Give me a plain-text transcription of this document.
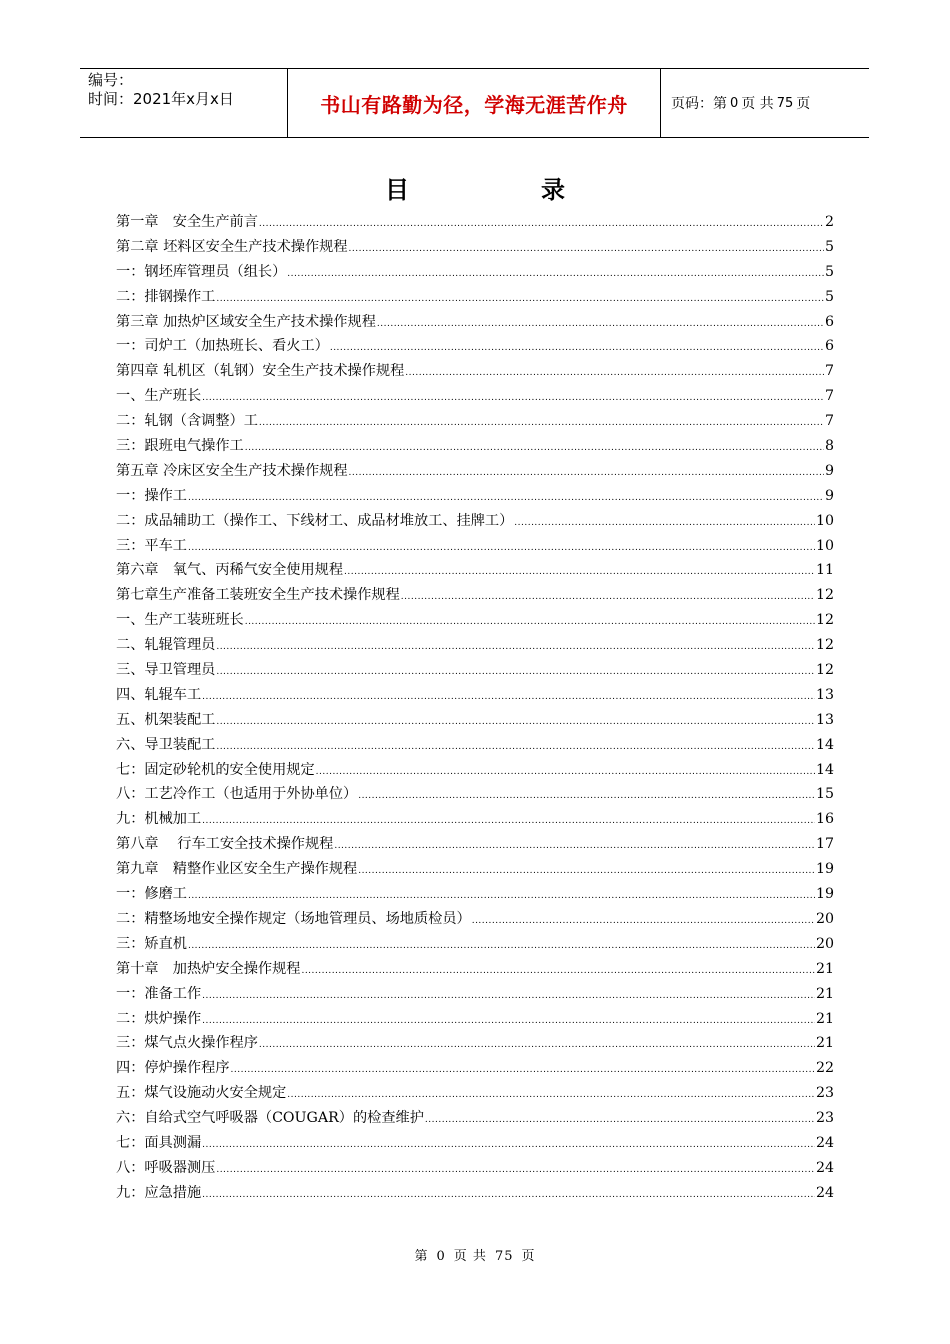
编号：
时间：2021年x月x日	书山有路勤为径，学海无涯苦作舟	页码：第 0 页 共 75 页
目	录
第一章　安全生产前言 .....	2
第二章 坯料区安全生产技术操作规程 .....	5
一：钢坯库管理员（组长） .....	5
二：排钢操作工 .....	5
第三章 加热炉区域安全生产技术操作规程 .....	6
一：司炉工（加热班长、看火工） .....	6
第四章 轧机区（轧钢）安全生产技术操作规程 .....	7
一、生产班长 .....	7
二：轧钢（含调整）工 .....	7
三：跟班电气操作工 .....	8
第五章 冷床区安全生产技术操作规程 .....	9
一：操作工 .....	9
二：成品辅助工（操作工、下线材工、成品材堆放工、挂牌工） .....	10
三：平车工 .....	10
第六章　氧气、丙稀气安全使用规程 .....	11
第七章生产准备工装班安全生产技术操作规程 .....	12
一、生产工装班班长 .....	12
二、轧辊管理员 .....	12
三、导卫管理员 .....	12
四、轧辊车工 .....	13
五、机架装配工 .....	13
六、导卫装配工 .....	14
七：固定砂轮机的安全使用规定 .....	14
八：工艺冷作工（也适用于外协单位） .....	15
九：机械加工 .....	16
第八章　 行车工安全技术操作规程 .....	17
第九章　精整作业区安全生产操作规程 .....	19
一：修磨工 .....	19
二：精整场地安全操作规定（场地管理员、场地质检员） .....	20
三：矫直机 .....	20
第十章　加热炉安全操作规程 .....	21
一：准备工作 .....	21
二：烘炉操作 .....	21
三：煤气点火操作程序 .....	21
四：停炉操作程序 .....	22
五：煤气设施动火安全规定 .....	23
六：自给式空气呼吸器（COUGAR）的检查维护 .....	23
七：面具测漏 .....	24
八：呼吸器测压 .....	24
九：应急措施 .....	24
第 0 页 共 75 页
